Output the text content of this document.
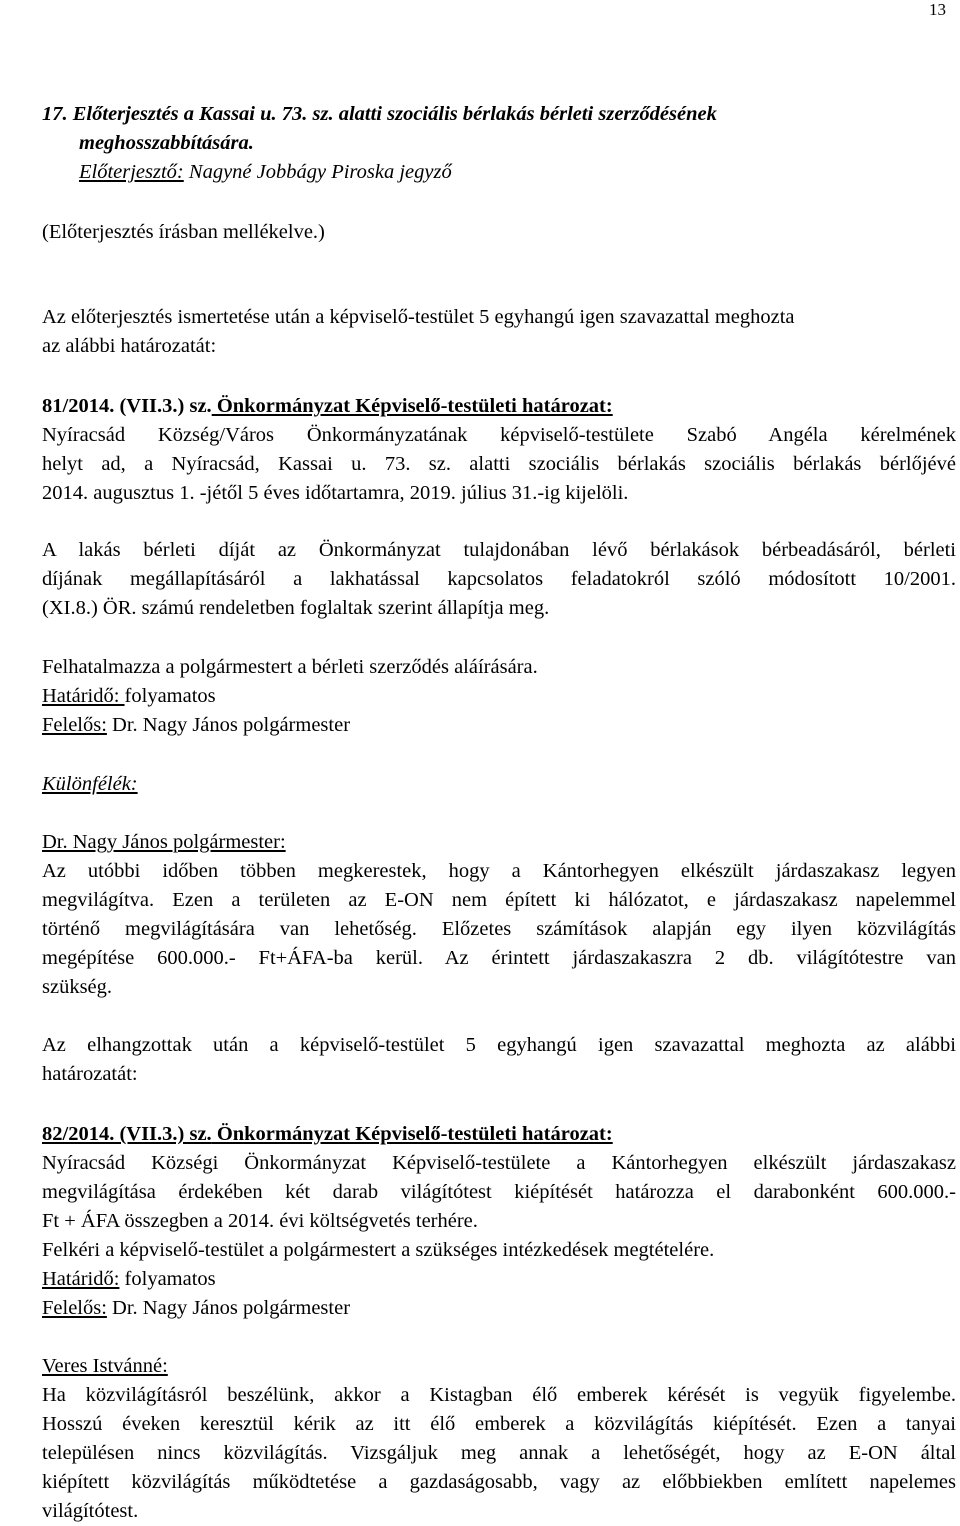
13
17. Előterjesztés a Kassai u. 73. sz. alatti szociális bérlakás bérleti szerződésének
meghosszabbítására.
Előterjesztő: Nagyné Jobbágy Piroska jegyző
(Előterjesztés írásban mellékelve.)
Az előterjesztés ismertetése után a képviselő-testület 5 egyhangú igen szavazattal meghozta
az alábbi határozatát:
81/2014. (VII.3.) sz. Önkormányzat Képviselő-testületi határozat:
Nyíracsád Község/Város Önkormányzatának képviselő-testülete Szabó Angéla kérelmének
helyt ad, a Nyíracsád, Kassai u. 73. sz. alatti szociális bérlakás szociális bérlakás bérlőjévé
2014. augusztus 1. -jétől 5 éves időtartamra, 2019. július 31.-ig kijelöli.
A lakás bérleti díját az Önkormányzat tulajdonában lévő bérlakások bérbeadásáról, bérleti
díjának megállapításáról a lakhatással kapcsolatos feladatokról szóló módosított 10/2001.
(XI.8.) ÖR. számú rendeletben foglaltak szerint állapítja meg.
Felhatalmazza a polgármestert a bérleti szerződés aláírására.
Határidő: folyamatos
Felelős: Dr. Nagy János polgármester
Különfélék:
Dr. Nagy János polgármester:
Az utóbbi időben többen megkerestek, hogy a Kántorhegyen elkészült járdaszakasz legyen
megvilágítva. Ezen a területen az E-ON nem épített ki hálózatot, e járdaszakasz napelemmel
történő megvilágítására van lehetőség. Előzetes számítások alapján egy ilyen közvilágítás
megépítése 600.000.- Ft+ÁFA-ba kerül. Az érintett járdaszakaszra 2 db. világítótestre van
szükség.
Az elhangzottak után a képviselő-testület 5 egyhangú igen szavazattal meghozta az alábbi
határozatát:
82/2014. (VII.3.) sz. Önkormányzat Képviselő-testületi határozat:
Nyíracsád Községi Önkormányzat Képviselő-testülete a Kántorhegyen elkészült járdaszakasz
megvilágítása érdekében két darab világítótest kiépítését határozza el darabonként 600.000.-
Ft + ÁFA összegben a 2014. évi költségvetés terhére.
Felkéri a képviselő-testület a polgármestert a szükséges intézkedések megtételére.
Határidő: folyamatos
Felelős: Dr. Nagy János polgármester
Veres Istvánné:
Ha közvilágításról beszélünk, akkor a Kistagban élő emberek kérését is vegyük figyelembe.
Hosszú éveken keresztül kérik az itt élő emberek a közvilágítás kiépítését. Ezen a tanyai
településen nincs közvilágítás. Vizsgáljuk meg annak a lehetőségét, hogy az E-ON által
kiépített közvilágítás működtetése a gazdaságosabb, vagy az előbbiekben említett napelemes
világítótest.
